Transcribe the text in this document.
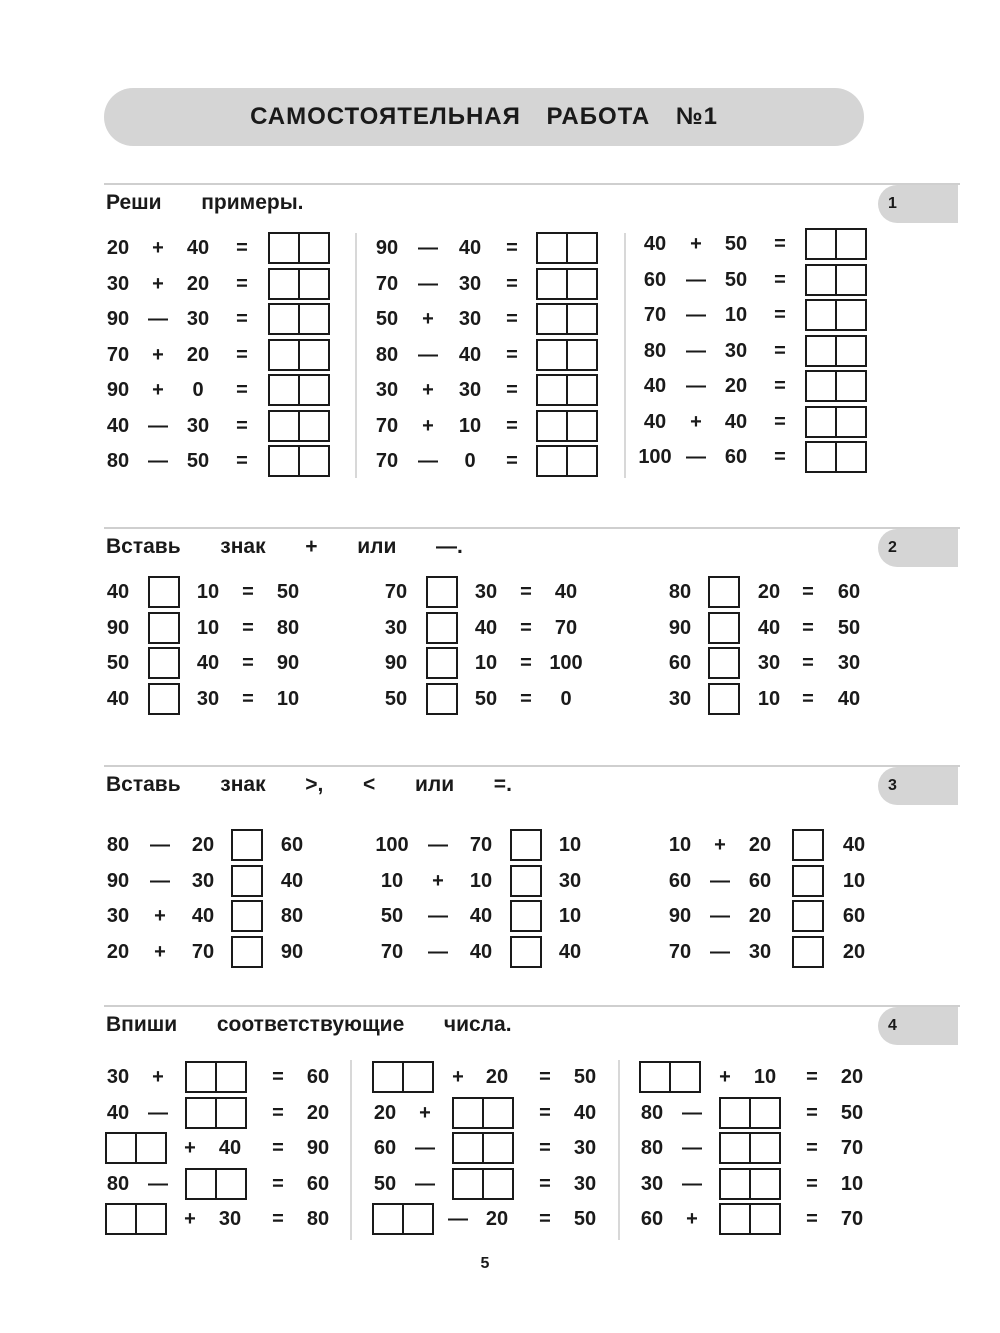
САМОСТОЯТЕЛЬНАЯ РАБОТА №1
1
Реши  примеры.
20	+	40	=
30	+	20	=
90 — 30	=
70	+	20	=
90	+	0	=
40 — 30	=
80 — 50	=
90 —	40	=
70 —	30	=
50	+	30	=
80 —	40	=
30	+	30	=
70	+	10	=
70 —	0	=
40	+	50	=
60 — 50	=
70 — 10	=
80 — 30	=
40 — 20	=
40	+	40	=
100 — 60	=
2
Вставь  знак  +  или  —.
40	10	=	50
90	10	=	80
50	40	=	90
40	30	=	10
70	30	=	40
30	40	=	70
90	10	= 100
50	50	=	0
80	20	=	60
90	40	=	50
60	30	=	30
30	10	=	40
3
Вставь  знак  >,  <  или  =.
80	—	20	60
90	—	30	40
30	+	40	80
20	+	70	90
100 —	70	10
10	+	10	30
50	—	40	10
70	—	40	40
10	+	20	40
60 — 60	10
90 — 20	60
70 — 30	20
4
Впиши  соответствующие  числа.
30	+	=	60
40 —	=	20
+	40	=	90
80 —	=	60
+	30	=	80
+	20	=	50
20	+	=	40
60 —	=	30
50 —	=	30
— 20	=	50
+	10	=	20
80 —	=	50
80 —	=	70
30 —	=	10
60	+	=	70
5
